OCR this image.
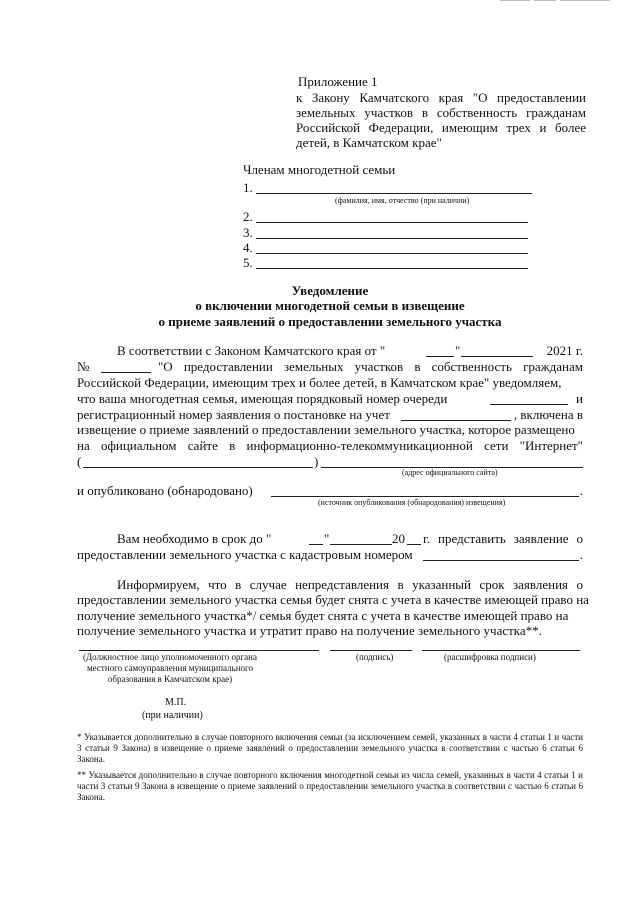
Приложение 1
к Закону Камчатского края "О предоставлении земельных участков в собственность гражданам Российской Федерации, имеющим трех и более детей, в Камчатском крае"
Членам многодетной семьи
1.
(фамилия, имя, отчество (при наличии)
2.
3.
4.
5.
Уведомление
о включении многодетной семьи в извещение
о приеме заявлений о предоставлении земельного участка
В соответствии с Законом Камчатского края от "	"	2021 г.
№	"О предоставлении земельных участков в собственность гражданам
Российской Федерации, имеющим трех и более детей, в Камчатском крае" уведомляем,
что ваша многодетная семья, имеющая порядковый номер очереди	и
регистрационный номер заявления о постановке на учет	, включена в
извещение о приеме заявлений о предоставлении земельного участка, которое размещено
на официальном сайте в информационно-телекоммуникационной сети "Интернет"
(	)
(адрес официального сайта)
и опубликовано (обнародовано)	.
(источник опубликования (обнародования) извещения)
Вам необходимо в срок до "	"	20 г. представить заявление о
предоставлении земельного участка с кадастровым номером	.
Информируем, что в случае непредставления в указанный срок заявления о
предоставлении земельного участка семья будет снята с учета в качестве имеющей право на
получение земельного участка*/ семья будет снята с учета в качестве имеющей право на
получение земельного участка и утратит право на получение земельного участка**.
(Должностное лицо уполномоченного органа местного самоуправления муниципального образования в Камчатском крае)
(подпись)	(расшифровка подписи)
М.П.
(при наличии)
* Указывается дополнительно в случае повторного включения семьи (за исключением семей, указанных в части 4 статьи 1 и части 3 статьи 9 Закона) в извещение о приеме заявлений о предоставлении земельного участка в соответствии с частью 6 статьи 6 Закона.
** Указывается дополнительно в случае повторного включения многодетной семьи из числа семей, указанных в части 4 статьи 1 и части 3 статьи 9 Закона в извещение о приеме заявлений о предоставлении земельного участка в соответствии с частью 6 статьи 6 Закона.
